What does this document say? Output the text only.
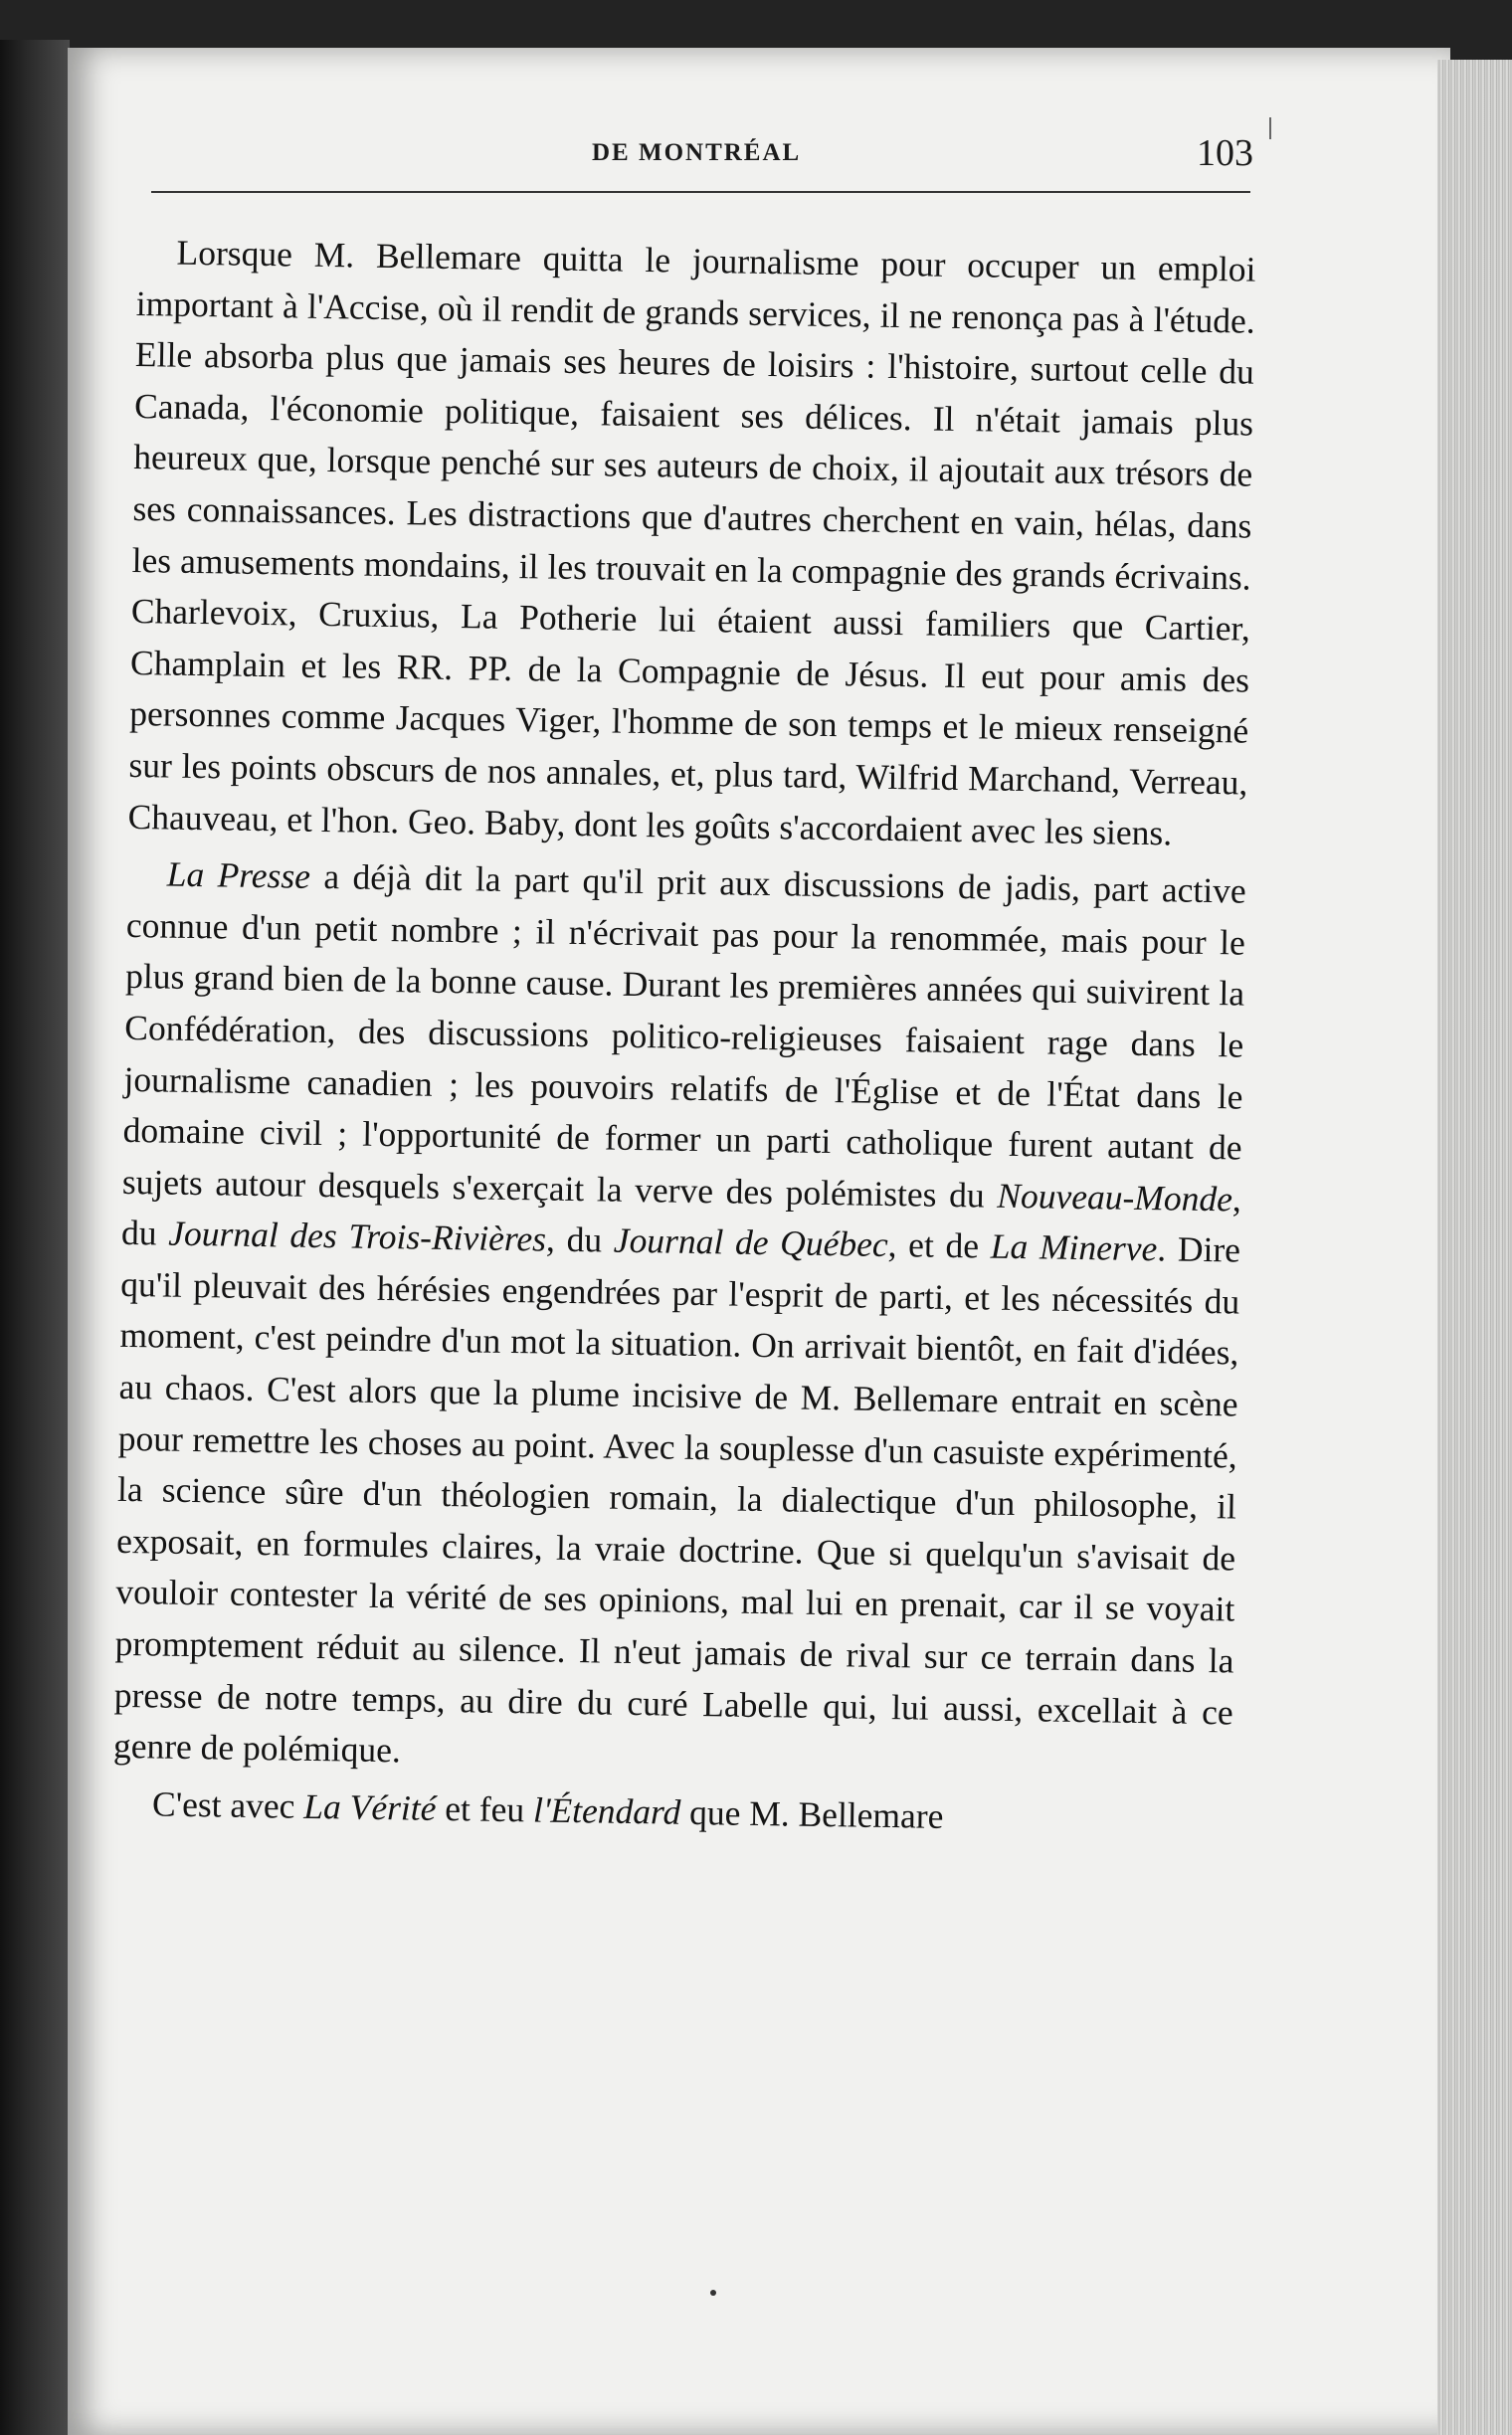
DE MONTRÉAL	103

Lorsque M. Bellemare quitta le journalisme pour occuper un emploi important à l'Accise, où il rendit de grands services, il ne renonça pas à l'étude. Elle absorba plus que jamais ses heures de loisirs : l'histoire, surtout celle du Canada, l'économie politique, faisaient ses délices. Il n'était jamais plus heureux que, lorsque penché sur ses auteurs de choix, il ajoutait aux trésors de ses connaissances. Les distractions que d'autres cherchent en vain, hélas, dans les amusements mondains, il les trouvait en la compagnie des grands écrivains. Charlevoix, Cruxius, La Potherie lui étaient aussi familiers que Cartier, Champlain et les RR. PP. de la Compagnie de Jésus. Il eut pour amis des personnes comme Jacques Viger, l'homme de son temps et le mieux renseigné sur les points obscurs de nos annales, et, plus tard, Wilfrid Marchand, Verreau, Chauveau, et l'hon. Geo. Baby, dont les goûts s'accordaient avec les siens.

La Presse a déjà dit la part qu'il prit aux discussions de jadis, part active connue d'un petit nombre ; il n'écrivait pas pour la renommée, mais pour le plus grand bien de la bonne cause. Durant les premières années qui suivirent la Confédération, des discussions politico-religieuses faisaient rage dans le journalisme canadien ; les pouvoirs relatifs de l'Église et de l'État dans le domaine civil ; l'opportunité de former un parti catholique furent autant de sujets autour desquels s'exerçait la verve des polémistes du Nouveau-Monde, du Journal des Trois-Rivières, du Journal de Québec, et de La Minerve. Dire qu'il pleuvait des hérésies engendrées par l'esprit de parti, et les nécessités du moment, c'est peindre d'un mot la situation. On arrivait bientôt, en fait d'idées, au chaos. C'est alors que la plume incisive de M. Bellemare entrait en scène pour remettre les choses au point. Avec la souplesse d'un casuiste expérimenté, la science sûre d'un théologien romain, la dialectique d'un philosophe, il exposait, en formules claires, la vraie doctrine. Que si quelqu'un s'avisait de vouloir contester la vérité de ses opinions, mal lui en prenait, car il se voyait promptement réduit au silence. Il n'eut jamais de rival sur ce terrain dans la presse de notre temps, au dire du curé Labelle qui, lui aussi, excellait à ce genre de polémique.

C'est avec La Vérité et feu l'Étendard que M. Bellemare
